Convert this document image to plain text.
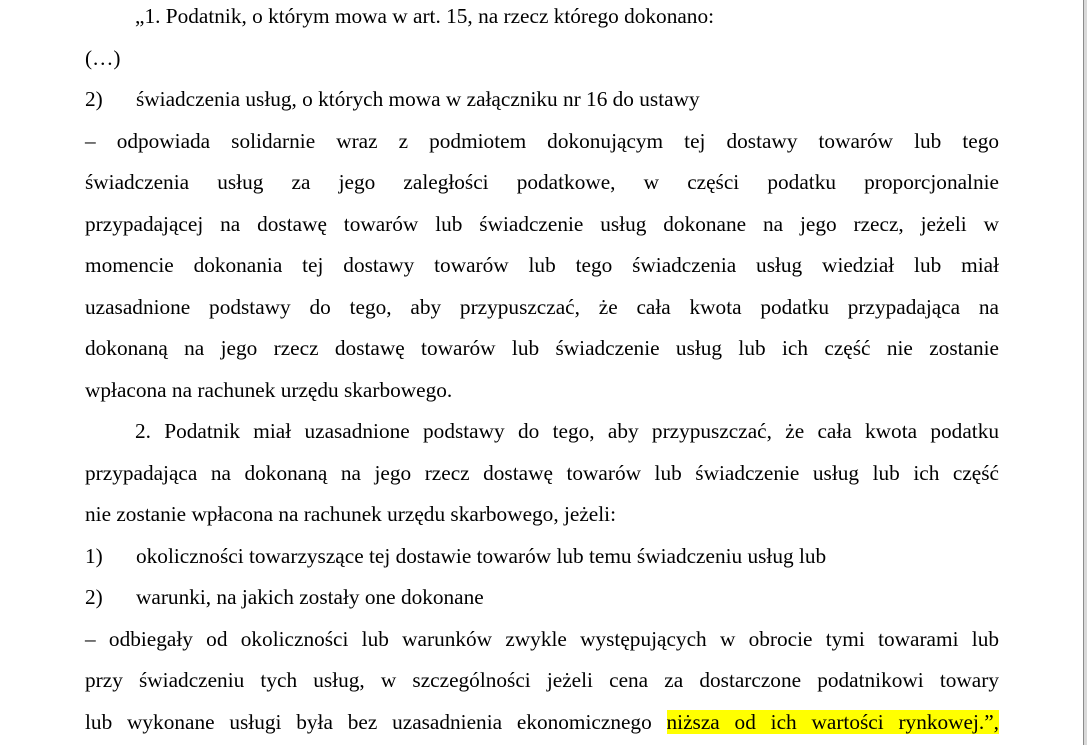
„1. Podatnik, o którym mowa w art. 15, na rzecz którego dokonano:
(…)
2) świadczenia usług, o których mowa w załączniku nr 16 do ustawy
– odpowiada solidarnie wraz z podmiotem dokonującym tej dostawy towarów lub tego
świadczenia usług za jego zaległości podatkowe, w części podatku proporcjonalnie
przypadającej na dostawę towarów lub świadczenie usług dokonane na jego rzecz, jeżeli w
momencie dokonania tej dostawy towarów lub tego świadczenia usług wiedział lub miał
uzasadnione podstawy do tego, aby przypuszczać, że cała kwota podatku przypadająca na
dokonaną na jego rzecz dostawę towarów lub świadczenie usług lub ich część nie zostanie
wpłacona na rachunek urzędu skarbowego.
2. Podatnik miał uzasadnione podstawy do tego, aby przypuszczać, że cała kwota podatku
przypadająca na dokonaną na jego rzecz dostawę towarów lub świadczenie usług lub ich część
nie zostanie wpłacona na rachunek urzędu skarbowego, jeżeli:
1) okoliczności towarzyszące tej dostawie towarów lub temu świadczeniu usług lub
2) warunki, na jakich zostały one dokonane
– odbiegały od okoliczności lub warunków zwykle występujących w obrocie tymi towarami lub
przy świadczeniu tych usług, w szczególności jeżeli cena za dostarczone podatnikowi towary
lub wykonane usługi była bez uzasadnienia ekonomicznego niższa od ich wartości rynkowej.”,
